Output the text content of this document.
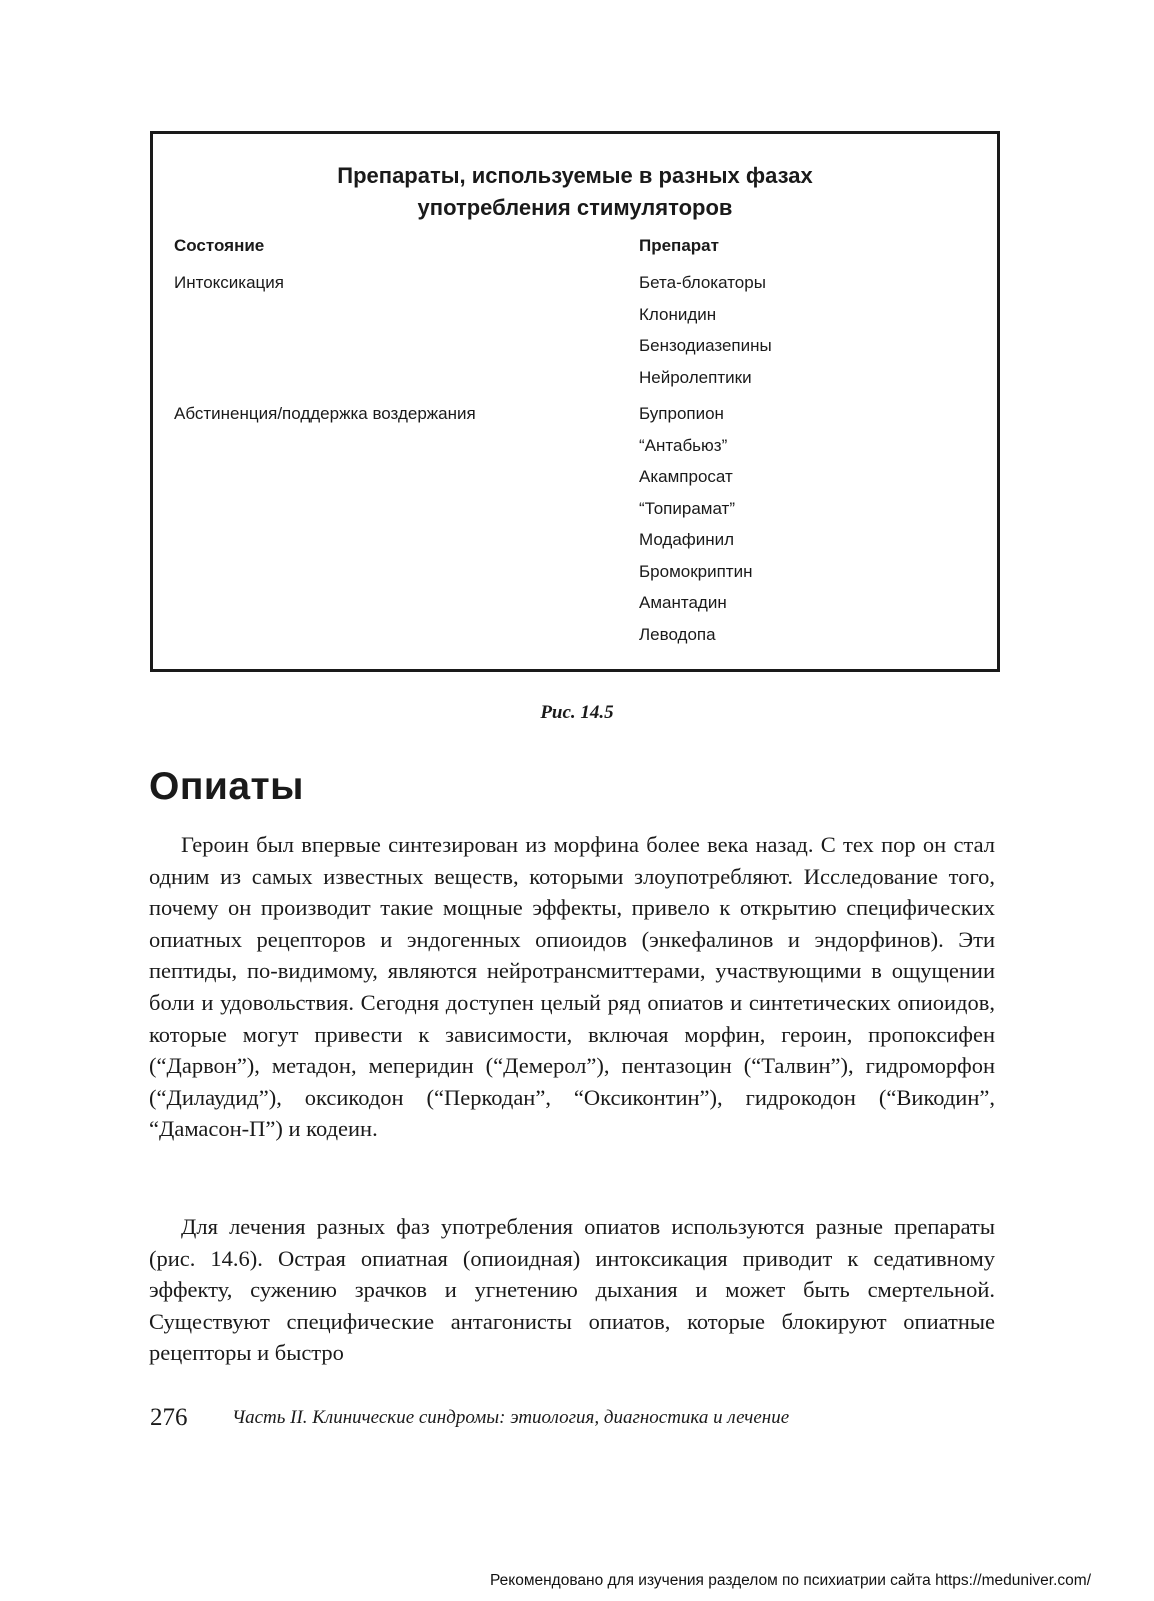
Препараты, используемые в разных фазах
употребления стимуляторов
Состояние	Препарат
Интоксикация	Бета-блокаторы
Клонидин
Бензодиазепины
Нейролептики
Абстиненция/поддержка воздержания	Бупропион
“Антабьюз”
Акампросат
“Топирамат”
Модафинил
Бромокриптин
Амантадин
Леводопа
Рис. 14.5
Опиаты

Героин был впервые синтезирован из морфина более века назад. С тех пор он стал одним из самых известных веществ, которыми злоупотребляют. Исследование того, почему он производит такие мощные эффекты, привело к открытию специфических опиатных рецепторов и эндогенных опиоидов (энкефалинов и эндорфинов). Эти пептиды, по-видимому, являются нейротрансмиттерами, участвующими в ощущении боли и удовольствия. Сегодня доступен целый ряд опиатов и синтетических опиоидов, которые могут привести к зависимости, включая морфин, героин, пропоксифен (“Дарвон”), метадон, меперидин (“Демерол”), пентазоцин (“Талвин”), гидроморфон (“Дилаудид”), оксикодон (“Перкодан”, “Оксиконтин”), гидрокодон (“Викодин”, “Дамасон-П”) и кодеин.

Для лечения разных фаз употребления опиатов используются разные препараты (рис. 14.6). Острая опиатная (опиоидная) интоксикация приводит к седативному эффекту, сужению зрачков и угнетению дыхания и может быть смертельной. Существуют специфические антагонисты опиатов, которые блокируют опиатные рецепторы и быстро

276 Часть II. Клинические синдромы: этиология, диагностика и лечение
Рекомендовано для изучения разделом по психиатрии сайта https://meduniver.com/
